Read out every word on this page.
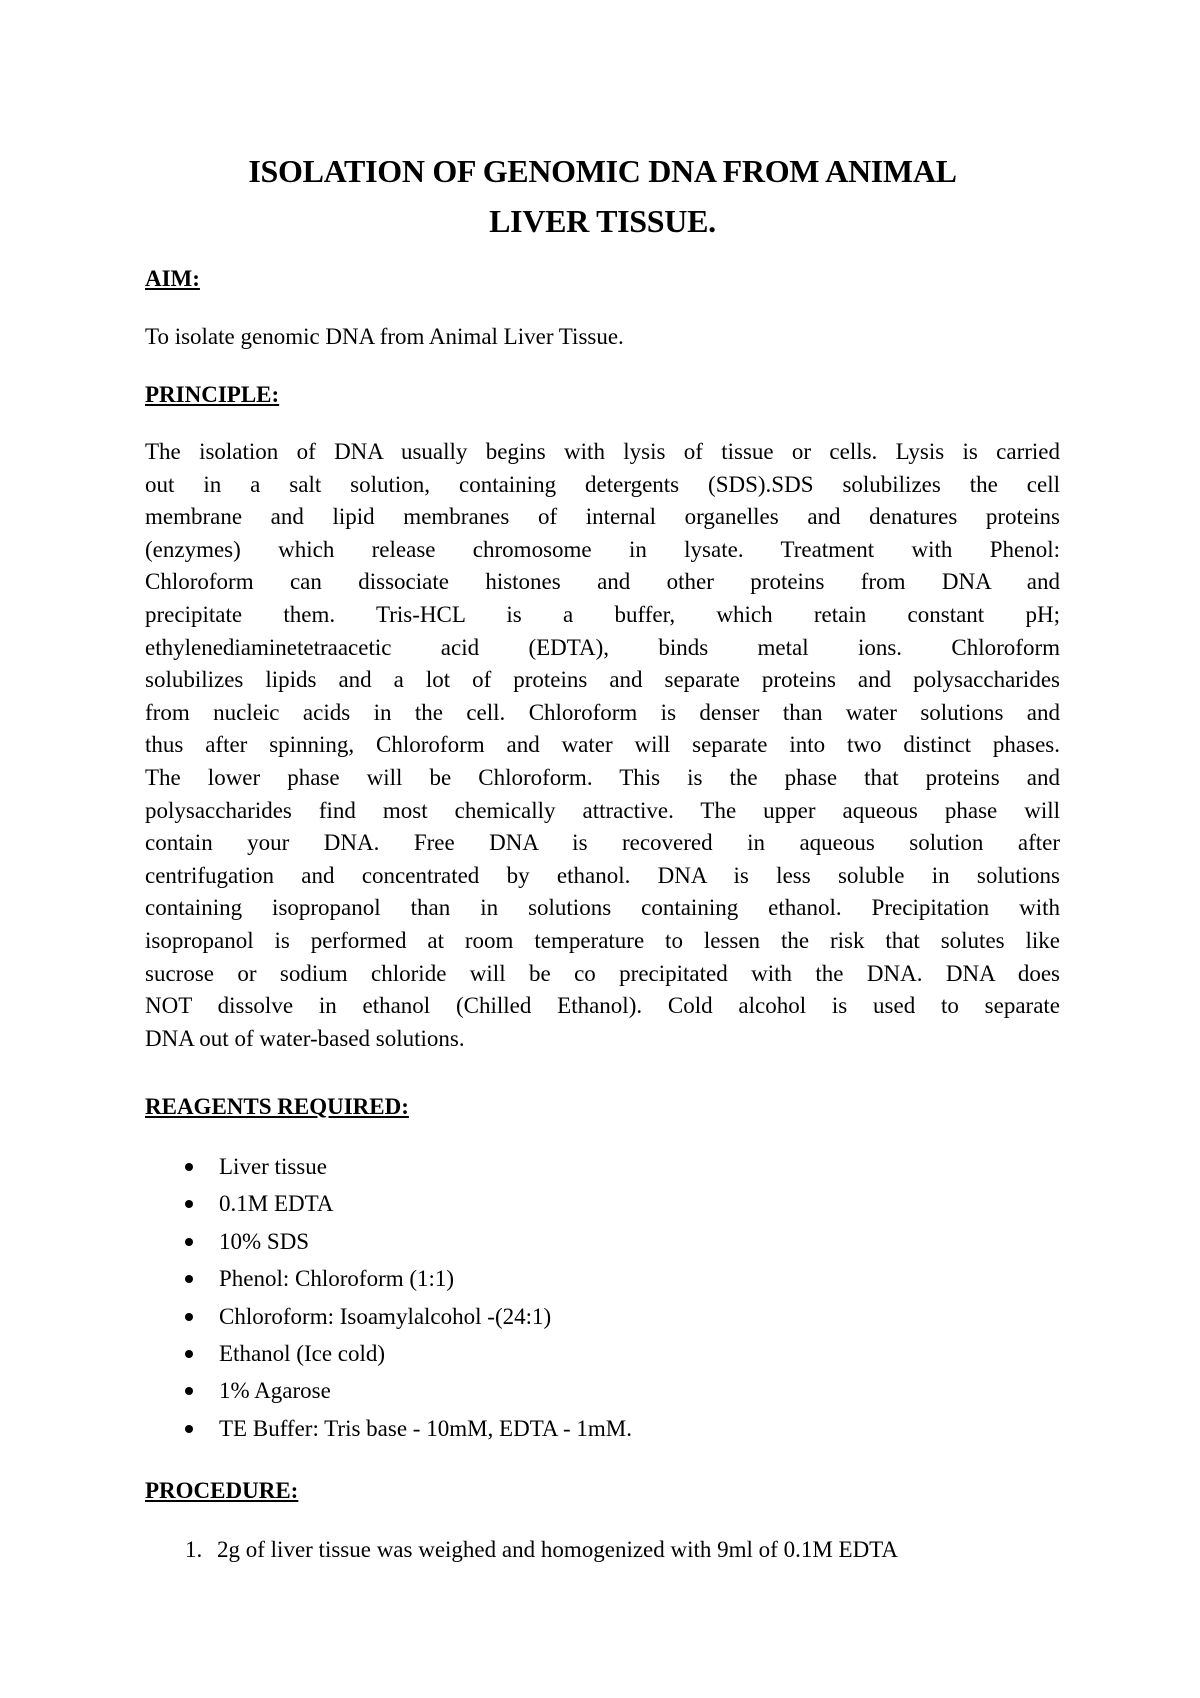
ISOLATION OF GENOMIC DNA FROM ANIMAL
LIVER TISSUE.
AIM:
To isolate genomic DNA from Animal Liver Tissue.
PRINCIPLE:
The isolation of DNA usually begins with lysis of tissue or cells. Lysis is carried
out in a salt solution, containing detergents (SDS).SDS solubilizes the cell
membrane and lipid membranes of internal organelles and denatures proteins
(enzymes) which release chromosome in lysate. Treatment with Phenol:
Chloroform can dissociate histones and other proteins from DNA and
precipitate them. Tris-HCL is a buffer, which retain constant pH;
ethylenediaminetetraacetic acid (EDTA), binds metal ions. Chloroform
solubilizes lipids and a lot of proteins and separate proteins and polysaccharides
from nucleic acids in the cell. Chloroform is denser than water solutions and
thus after spinning, Chloroform and water will separate into two distinct phases.
The lower phase will be Chloroform. This is the phase that proteins and
polysaccharides find most chemically attractive. The upper aqueous phase will
contain your DNA. Free DNA is recovered in aqueous solution after
centrifugation and concentrated by ethanol. DNA is less soluble in solutions
containing isopropanol than in solutions containing ethanol. Precipitation with
isopropanol is performed at room temperature to lessen the risk that solutes like
sucrose or sodium chloride will be co precipitated with the DNA. DNA does
NOT dissolve in ethanol (Chilled Ethanol). Cold alcohol is used to separate
DNA out of water-based solutions.
REAGENTS REQUIRED:
Liver tissue
0.1M EDTA
10% SDS
Phenol: Chloroform (1:1)
Chloroform: Isoamylalcohol -(24:1)
Ethanol (Ice cold)
1% Agarose
TE Buffer: Tris base - 10mM, EDTA - 1mM.
PROCEDURE:
1. 2g of liver tissue was weighed and homogenized with 9ml of 0.1M EDTA
